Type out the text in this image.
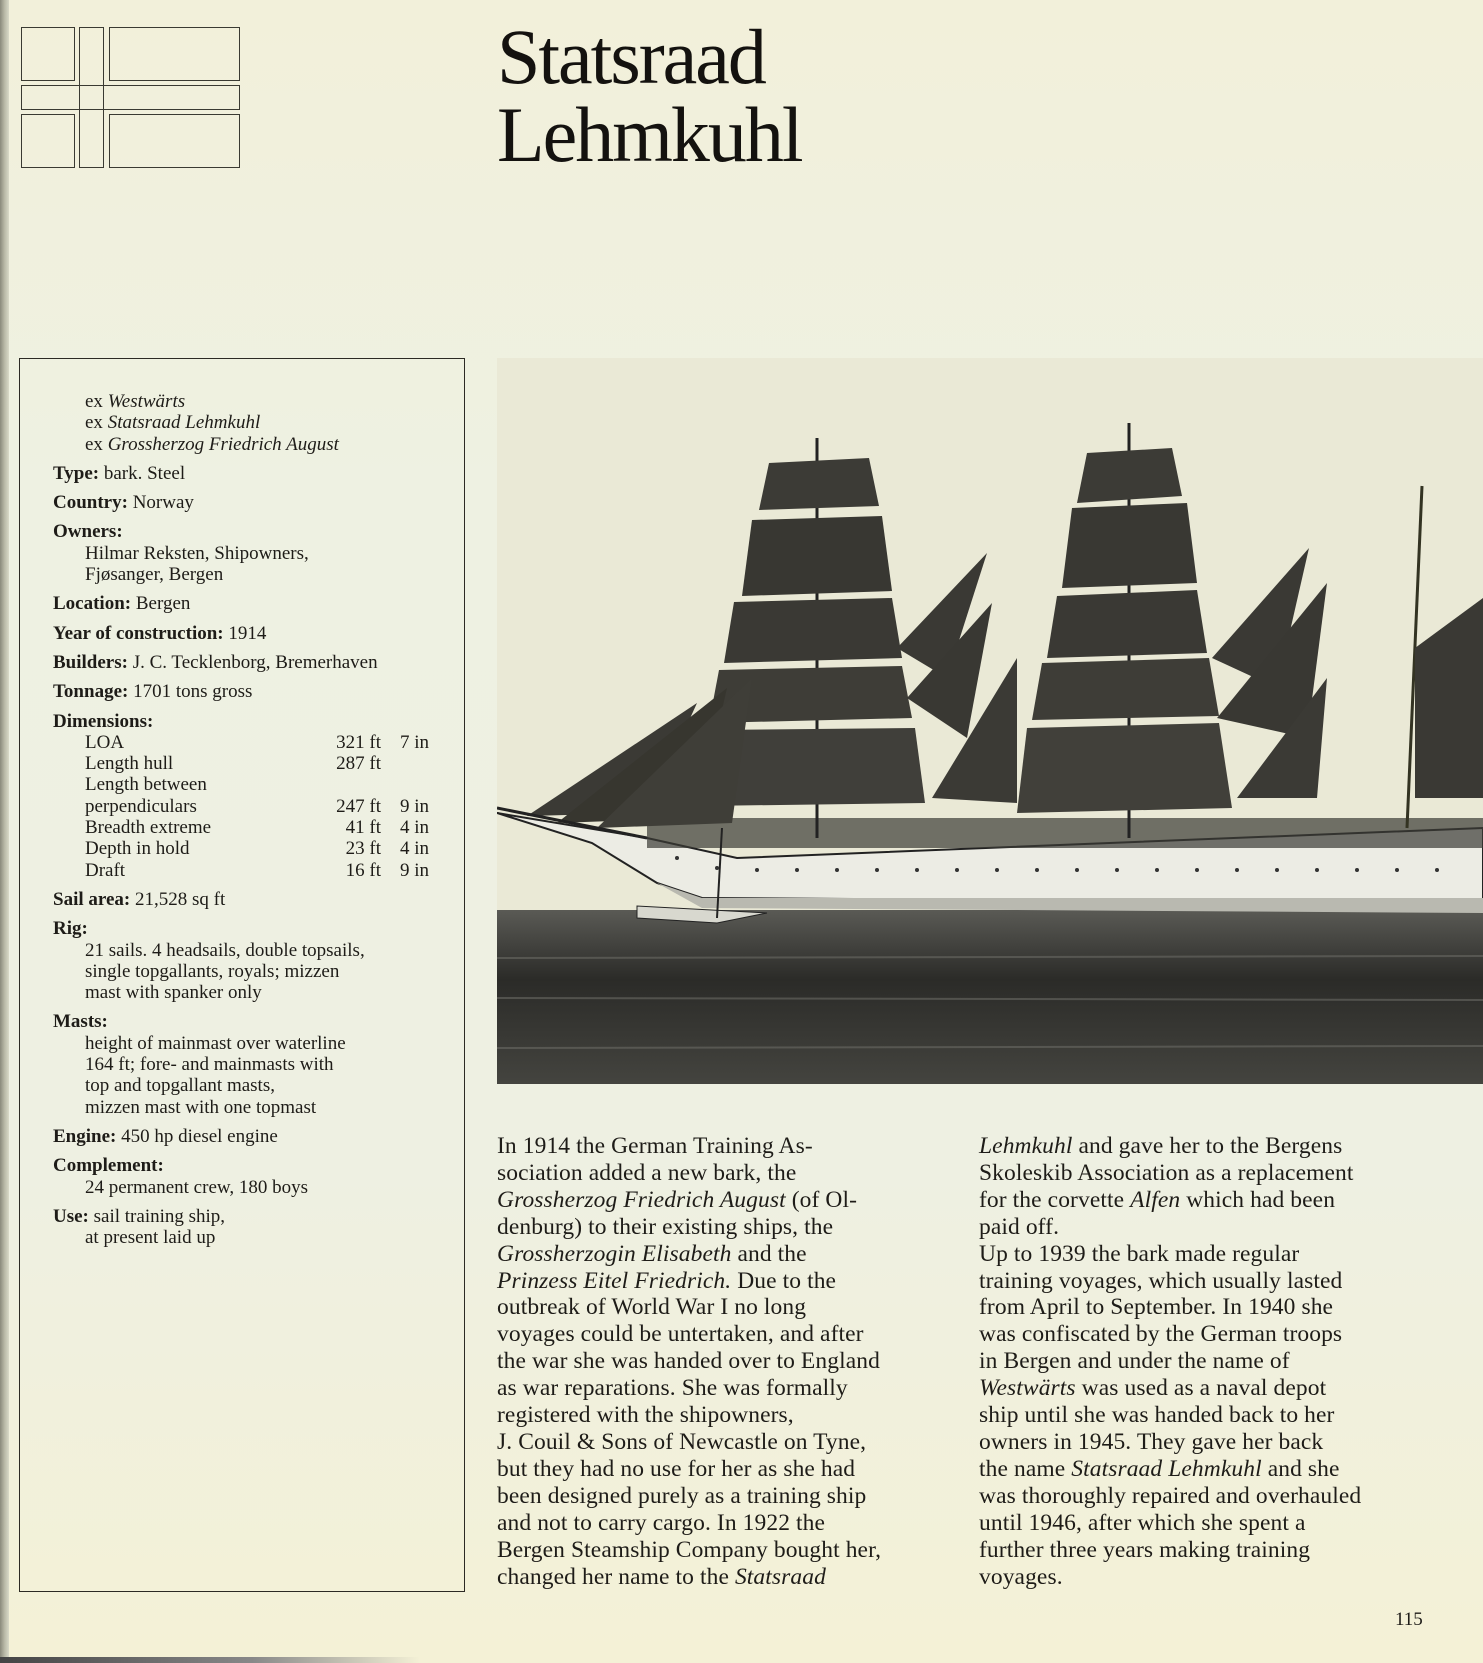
Statsraad
Lehmkuhl
ex Westwärts
ex Statsraad Lehmkuhl
ex Grossherzog Friedrich August
Type: bark. Steel
Country: Norway
Owners:
Hilmar Reksten, Shipowners,
Fjøsanger, Bergen
Location: Bergen
Year of construction: 1914
Builders: J. C. Tecklenborg, Bremerhaven
Tonnage: 1701 tons gross
Dimensions:
LOA	321 ft 7 in
Length hull	287 ft
Length between
perpendiculars	247 ft 9 in
Breadth extreme	41 ft 4 in
Depth in hold	23 ft 4 in
Draft	16 ft 9 in
Sail area: 21,528 sq ft
Rig:
21 sails. 4 headsails, double topsails,
single topgallants, royals; mizzen
mast with spanker only
Masts:
height of mainmast over waterline
164 ft; fore- and mainmasts with
top and topgallant masts,
mizzen mast with one topmast
Engine: 450 hp diesel engine
Complement:
24 permanent crew, 180 boys
Use: sail training ship,
at present laid up

In 1914 the German Training As-
sociation added a new bark, the
Grossherzog Friedrich August (of Ol-
denburg) to their existing ships, the
Grossherzogin Elisabeth and the
Prinzess Eitel Friedrich. Due to the
outbreak of World War I no long
voyages could be untertaken, and after
the war she was handed over to England
as war reparations. She was formally
registered with the shipowners,
J. Couil & Sons of Newcastle on Tyne,
but they had no use for her as she had
been designed purely as a training ship
and not to carry cargo. In 1922 the
Bergen Steamship Company bought her,
changed her name to the Statsraad

Lehmkuhl and gave her to the Bergens
Skoleskib Association as a replacement
for the corvette Alfen which had been
paid off.

Up to 1939 the bark made regular
training voyages, which usually lasted
from April to September. In 1940 she
was confiscated by the German troops
in Bergen and under the name of
Westwärts was used as a naval depot
ship until she was handed back to her
owners in 1945. They gave her back
the name Statsraad Lehmkuhl and she
was thoroughly repaired and overhauled
until 1946, after which she spent a
further three years making training
voyages.

115
